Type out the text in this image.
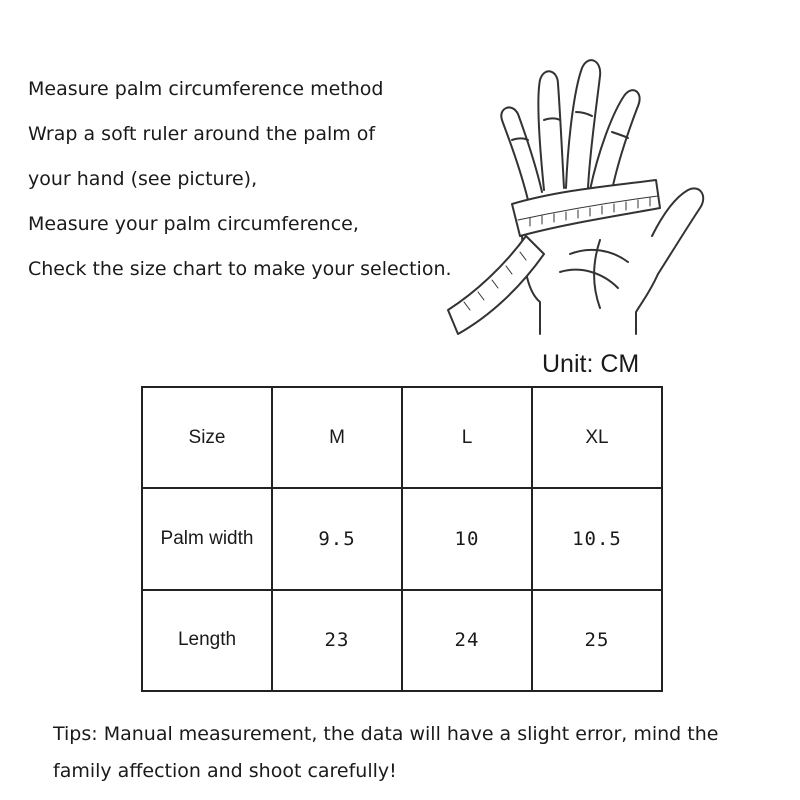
Measure palm circumference method
Wrap a soft ruler around the palm of
your hand (see picture),
Measure your palm circumference,
Check the size chart to make your selection.
Unit: CM
Size	M	L	XL
Palm width	9.5	10	10.5
Length	23	24	25
Tips: Manual measurement, the data will have a slight error, mind the family affection and shoot carefully!
